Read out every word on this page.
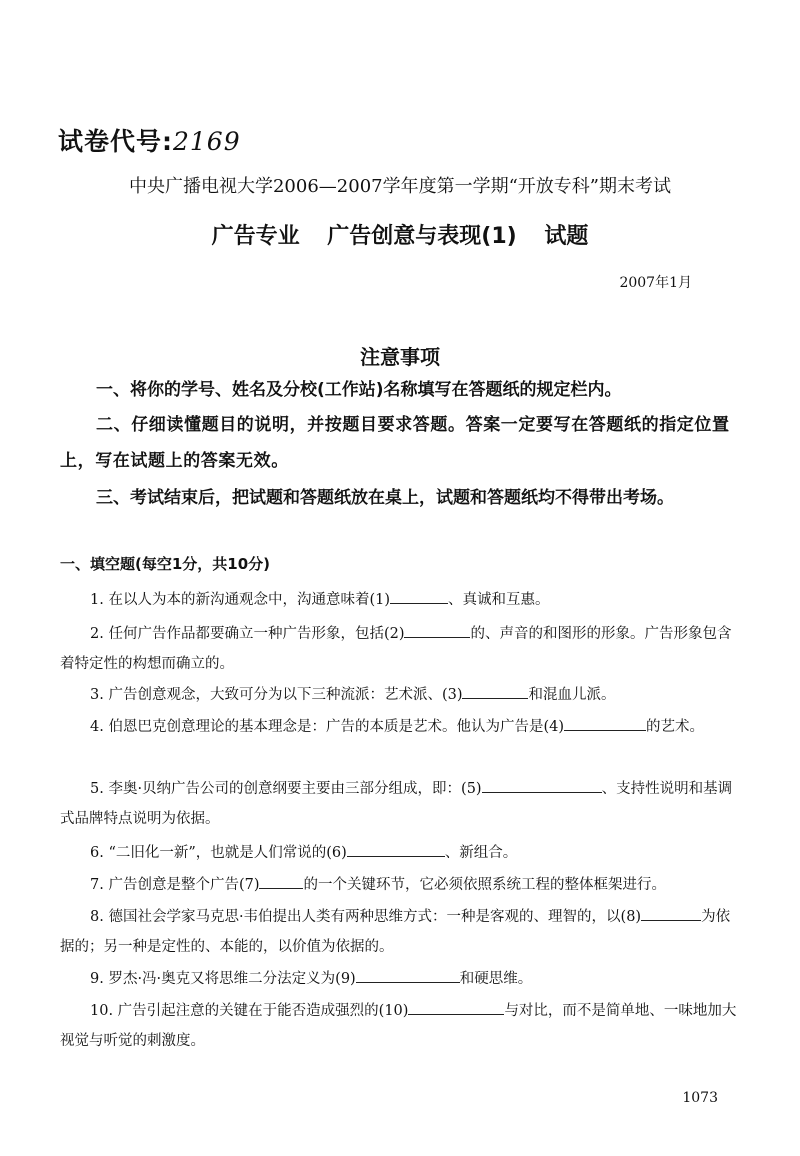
试卷代号:2169
中央广播电视大学2006—2007学年度第一学期“开放专科”期末考试
广告专业 广告创意与表现(1) 试题
2007年1月
注意事项
一、将你的学号、姓名及分校(工作站)名称填写在答题纸的规定栏内。
二、仔细读懂题目的说明，并按题目要求答题。答案一定要写在答题纸的指定位置上，写在试题上的答案无效。
三、考试结束后，把试题和答题纸放在桌上，试题和答题纸均不得带出考场。
一、填空题(每空1分，共10分)
1. 在以人为本的新沟通观念中，沟通意味着(1)	、真诚和互惠。
2. 任何广告作品都要确立一种广告形象，包括(2)	的、声音的和图形的形象。广告形象包含着特定性的构想而确立的。
3. 广告创意观念，大致可分为以下三种流派：艺术派、(3)	和混血儿派。
4. 伯恩巴克创意理论的基本理念是：广告的本质是艺术。他认为广告是(4)	的艺术。
5. 李奥·贝纳广告公司的创意纲要主要由三部分组成，即：(5)	、支持性说明和基调式品牌特点说明为依据。
6. “二旧化一新”，也就是人们常说的(6)	、新组合。
7. 广告创意是整个广告(7)	的一个关键环节，它必须依照系统工程的整体框架进行。
8. 德国社会学家马克思·韦伯提出人类有两种思维方式：一种是客观的、理智的，以(8)	为依据的；另一种是定性的、本能的，以价值为依据的。
9. 罗杰·冯·奥克又将思维二分法定义为(9)	和硬思维。
10. 广告引起注意的关键在于能否造成强烈的(10)	与对比，而不是简单地、一味地加大视觉与听觉的刺激度。
1073
